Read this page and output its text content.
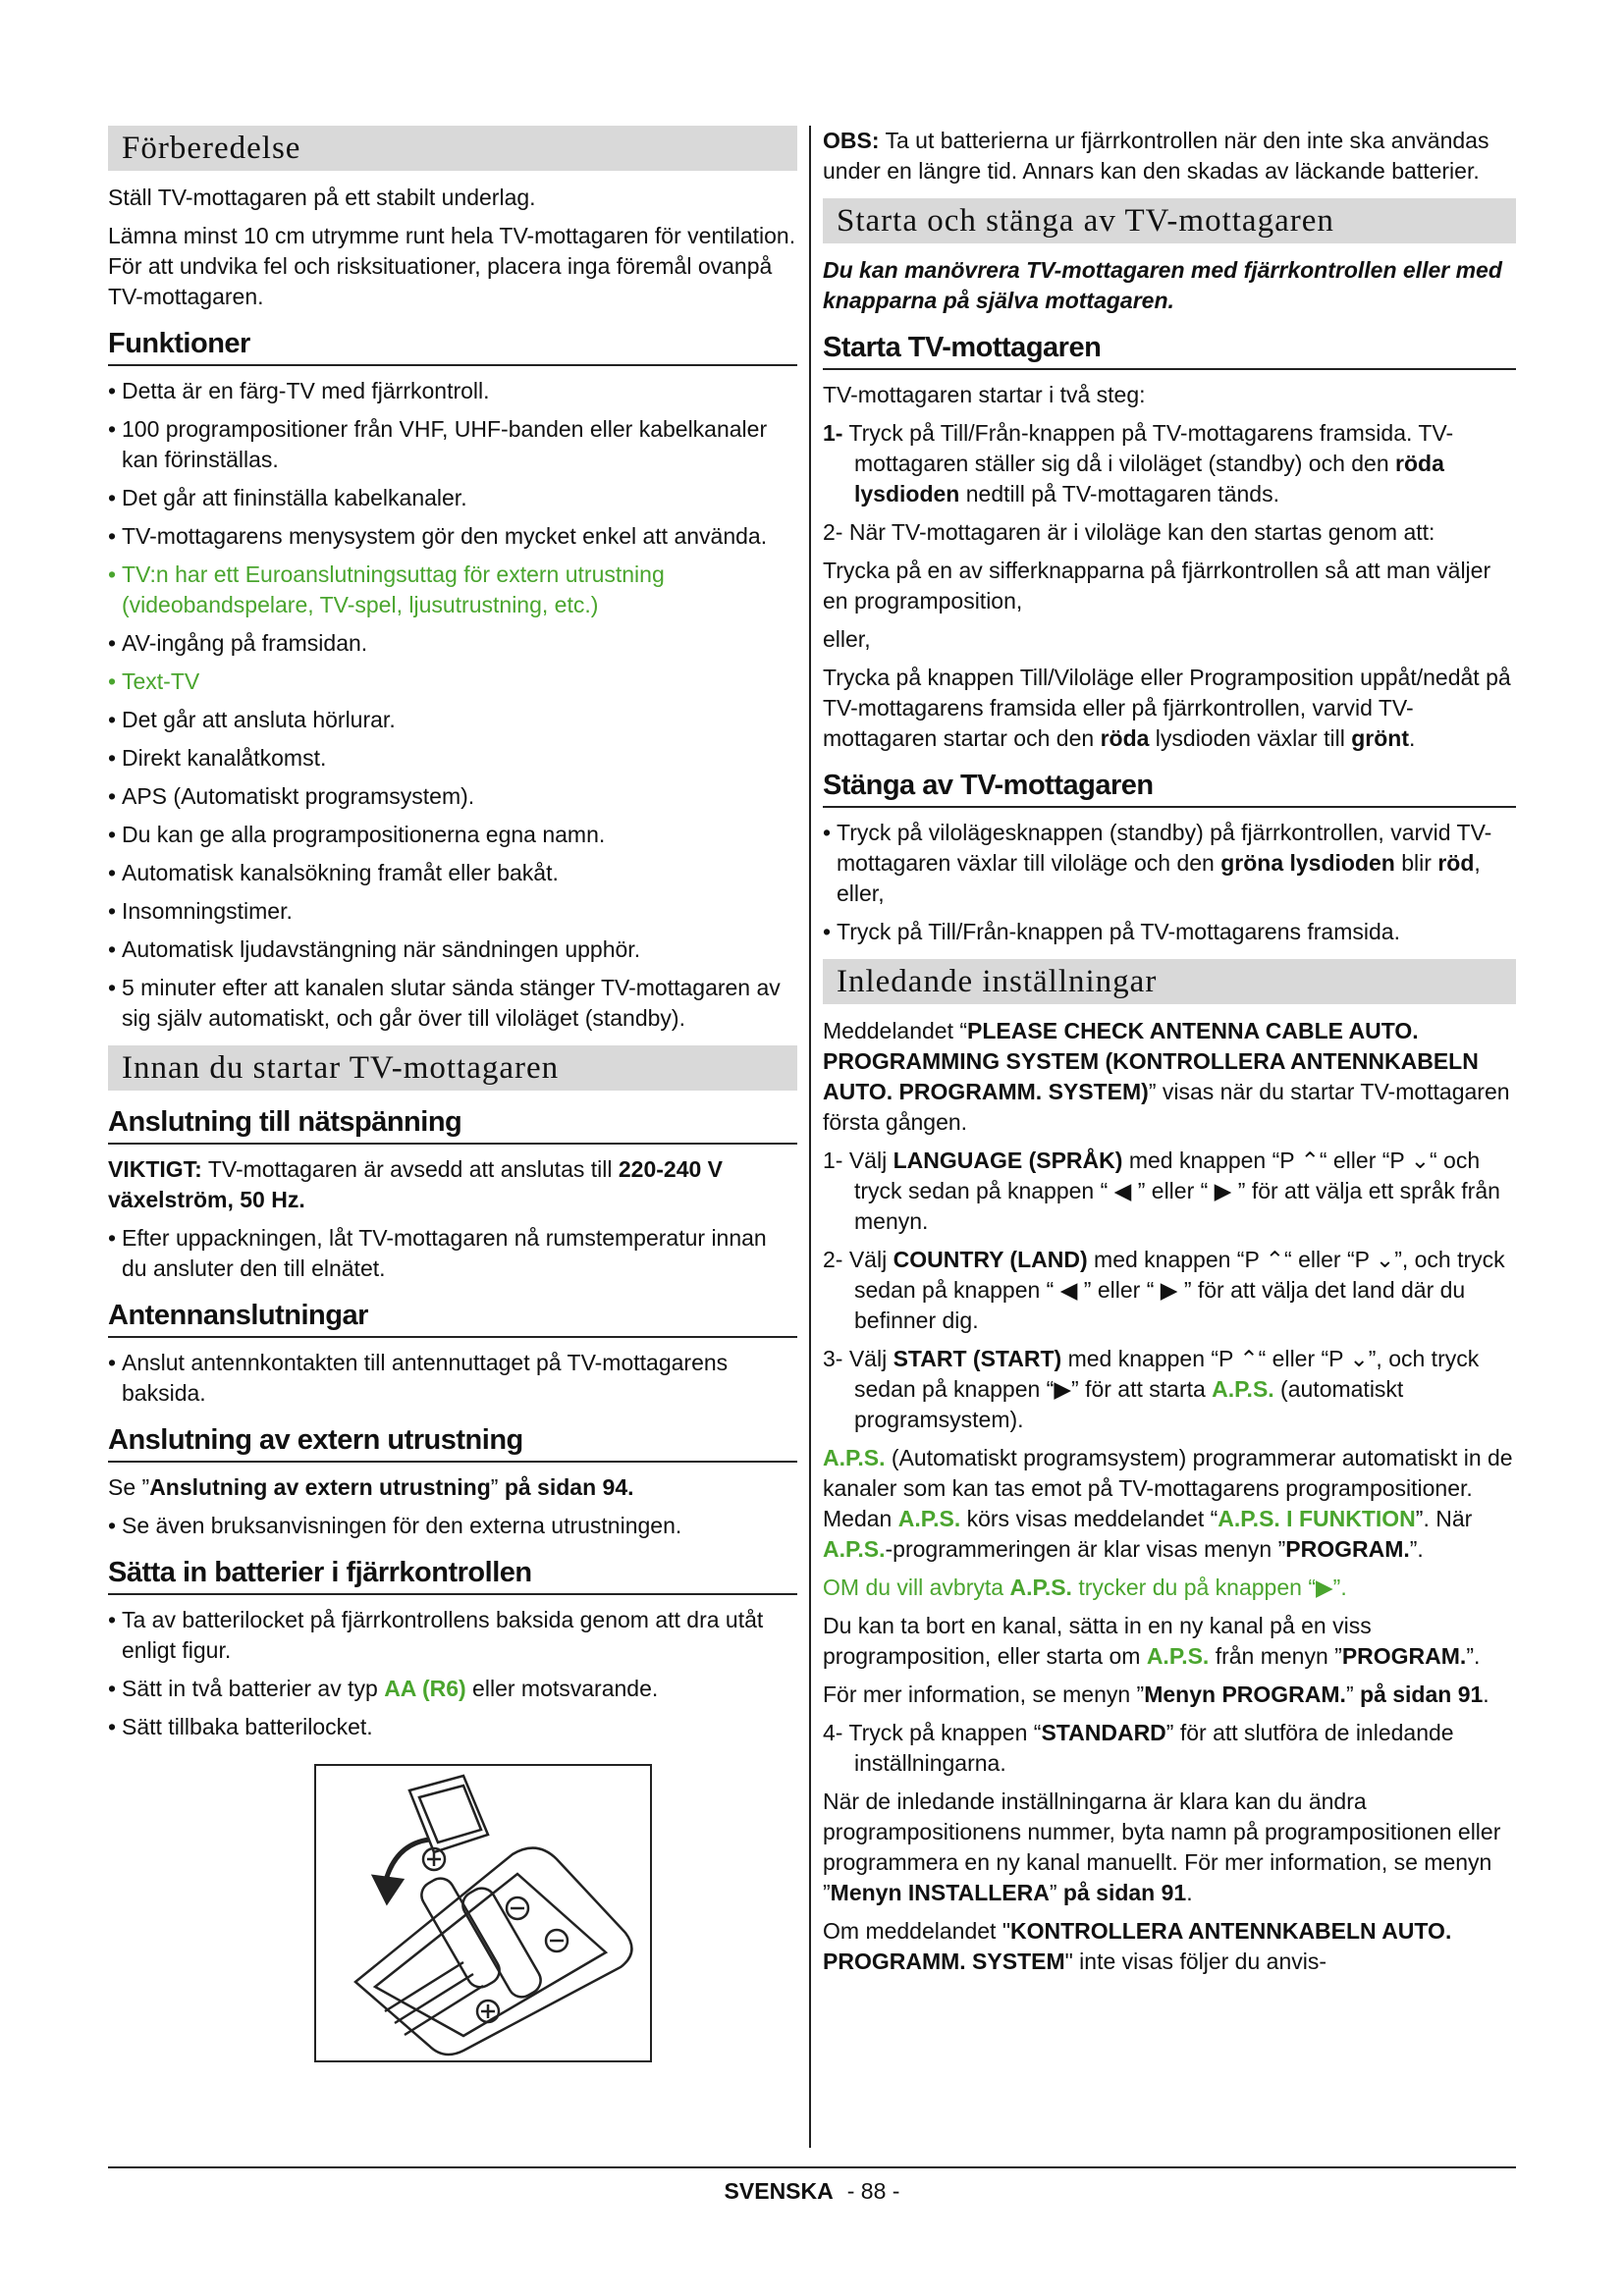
Förberedelse

Ställ TV-mottagaren på ett stabilt underlag.

Lämna minst 10 cm utrymme runt hela TV-mottagaren för ventilation. För att undvika fel och risksituationer, placera inga föremål ovanpå TV-mottagaren.

Funktioner
• Detta är en färg-TV med fjärrkontroll.
• 100 programpositioner från VHF, UHF-banden eller kabelkanaler kan förinställas.
• Det går att fininställa kabelkanaler.
• TV-mottagarens menysystem gör den mycket enkel att använda.
• TV:n har ett Euroanslutningsuttag för extern utrustning (videobandspelare, TV-spel, ljusutrustning, etc.)
• AV-ingång på framsidan.
• Text-TV
• Det går att ansluta hörlurar.
• Direkt kanalåtkomst.
• APS (Automatiskt programsystem).
• Du kan ge alla programpositionerna egna namn.
• Automatisk kanalsökning framåt eller bakåt.
• Insomningstimer.
• Automatisk ljudavstängning när sändningen upphör.
• 5 minuter efter att kanalen slutar sända stänger TV-mottagaren av sig själv automatiskt, och går över till viloläget (standby).
Innan du startar TV-mottagaren
Anslutning till nätspänning

VIKTIGT: TV-mottagaren är avsedd att anslutas till 220-240 V växelström, 50 Hz.

• Efter uppackningen, låt TV-mottagaren nå rumstemperatur innan du ansluter den till elnätet.
Antennanslutningar
• Anslut antennkontakten till antennuttaget på TV-mottagarens baksida.
Anslutning av extern utrustning

Se ”Anslutning av extern utrustning” på sidan 94.

• Se även bruksanvisningen för den externa utrustningen.
Sätta in batterier i fjärrkontrollen
• Ta av batterilocket på fjärrkontrollens baksida genom att dra utåt enligt figur.
• Sätt in två batterier av typ AA (R6) eller motsvarande.
• Sätt tillbaka batterilocket.

OBS: Ta ut batterierna ur fjärrkontrollen när den inte ska användas under en längre tid. Annars kan den skadas av läckande batterier.

Starta och stänga av TV-mottagaren

Du kan manövrera TV-mottagaren med fjärrkontrollen eller med knapparna på själva mottagaren.

Starta TV-mottagaren

TV-mottagaren startar i två steg:

1- Tryck på Till/Från-knappen på TV-mottagarens framsida. TV-mottagaren ställer sig då i viloläget (standby) och den röda lysdioden nedtill på TV-mottagaren tänds.

2- När TV-mottagaren är i viloläge kan den startas genom att:

Trycka på en av sifferknapparna på fjärrkontrollen så att man väljer en programposition,

eller,

Trycka på knappen Till/Viloläge eller Programposition uppåt/nedåt på TV-mottagarens framsida eller på fjärrkontrollen, varvid TV-mottagaren startar och den röda lysdioden växlar till grönt.

Stänga av TV-mottagaren
• Tryck på vilolägesknappen (standby) på fjärrkontrollen, varvid TV-mottagaren växlar till viloläge och den gröna lysdioden blir röd, eller,
• Tryck på Till/Från-knappen på TV-mottagarens framsida.
Inledande inställningar

Meddelandet “PLEASE CHECK ANTENNA CABLE AUTO. PROGRAMMING SYSTEM (KONTROLLERA ANTENNKABELN AUTO. PROGRAMM. SYSTEM)” visas när du startar TV-mottagaren första gången.

1- Välj LANGUAGE (SPRÅK) med knappen “P ⌃“ eller “P ⌄“ och tryck sedan på knappen “ ◀ ” eller “ ▶ ” för att välja ett språk från menyn.

2- Välj COUNTRY (LAND) med knappen “P ⌃“ eller “P ⌄”, och tryck sedan på knappen “ ◀ ” eller “ ▶ ” för att välja det land där du befinner dig.

3- Välj START (START) med knappen “P ⌃“ eller “P ⌄”, och tryck sedan på knappen “▶” för att starta A.P.S. (automatiskt programsystem).

A.P.S. (Automatiskt programsystem) programmerar automatiskt in de kanaler som kan tas emot på TV-mottagarens programpositioner. Medan A.P.S. körs visas meddelandet “A.P.S. I FUNKTION”. När A.P.S.-programmeringen är klar visas menyn ”PROGRAM.”.

OM du vill avbryta A.P.S. trycker du på knappen “▶”.

Du kan ta bort en kanal, sätta in en ny kanal på en viss programposition, eller starta om A.P.S. från menyn ”PROGRAM.”.

För mer information, se menyn ”Menyn PROGRAM.” på sidan 91.

4- Tryck på knappen “STANDARD” för att slutföra de inledande inställningarna.

När de inledande inställningarna är klara kan du ändra programpositionens nummer, byta namn på programpositionen eller programmera en ny kanal manuellt. För mer information, se menyn ”Menyn INSTALLERA” på sidan 91.

Om meddelandet "KONTROLLERA ANTENNKABELN AUTO. PROGRAMM. SYSTEM" inte visas följer du anvis-

SVENSKA - 88 -
